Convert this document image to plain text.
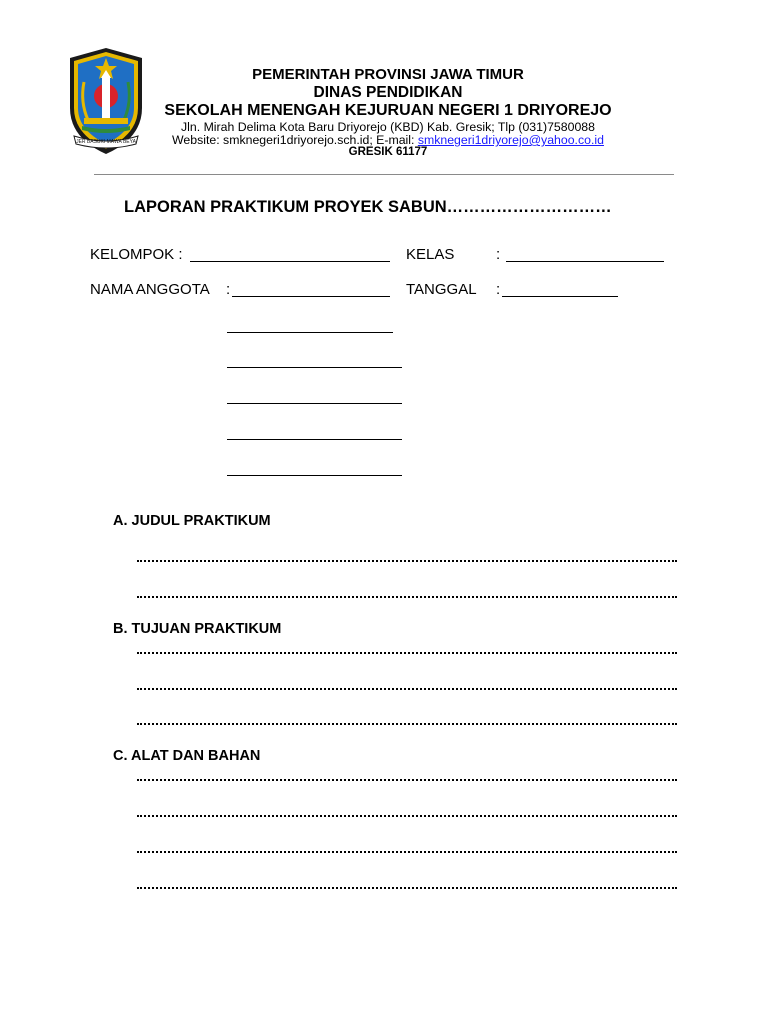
JER BASUKI MAWA BEYA
PEMERINTAH PROVINSI JAWA TIMUR
DINAS PENDIDIKAN
SEKOLAH MENENGAH KEJURUAN NEGERI 1 DRIYOREJO
Jln. Mirah Delima Kota Baru Driyorejo (KBD) Kab. Gresik; Tlp (031)7580088
Website: smknegeri1driyorejo.sch.id; E-mail: smknegeri1driyorejo@yahoo.co.id
GRESIK 61177
LAPORAN PRAKTIKUM PROYEK SABUN…………………………
KELOMPOK :	KELAS	:
NAMA ANGGOTA :	TANGGAL :
A. JUDUL PRAKTIKUM
B. TUJUAN PRAKTIKUM
C. ALAT DAN BAHAN
